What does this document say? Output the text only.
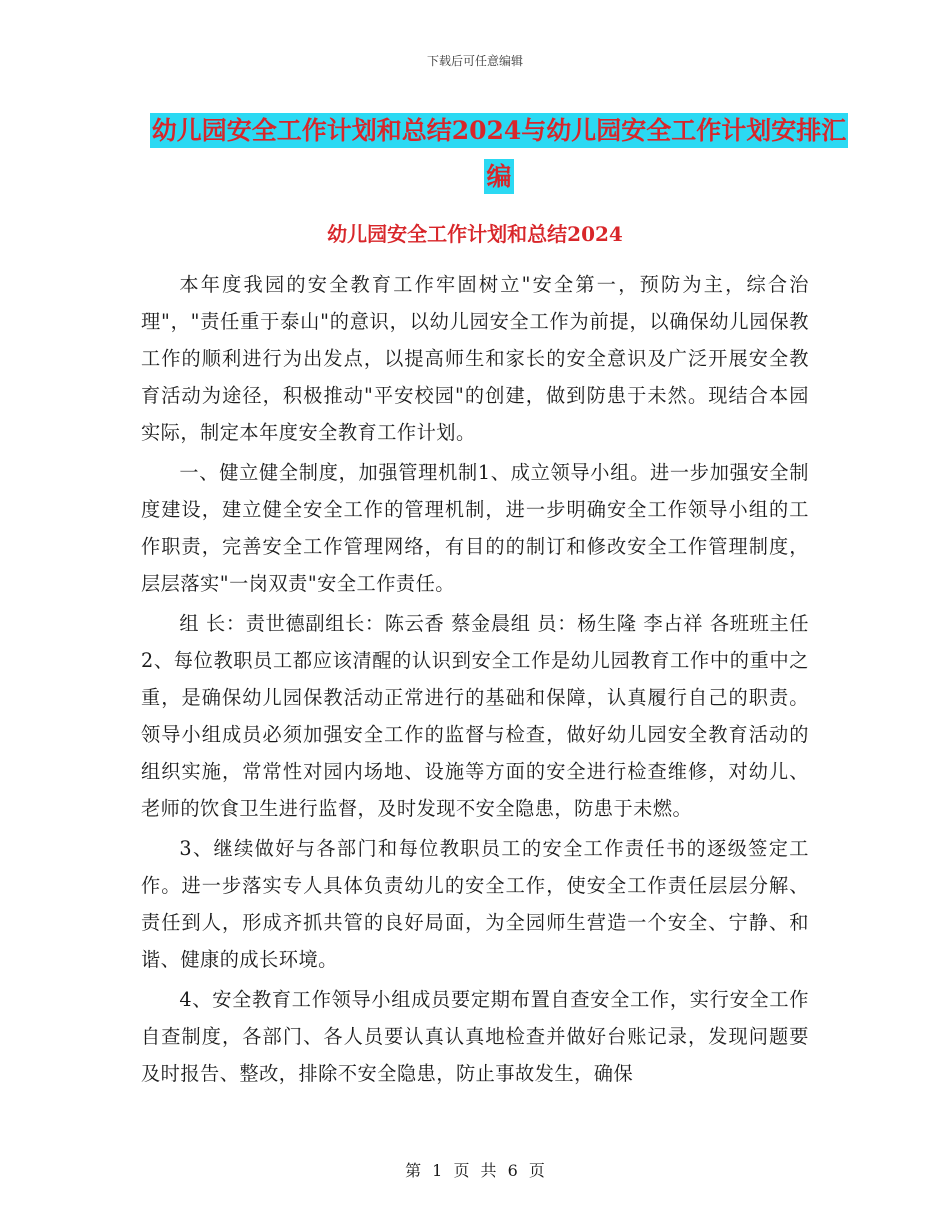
下载后可任意编辑
幼儿园安全工作计划和总结2024与幼儿园安全工作计划安排汇编
幼儿园安全工作计划和总结2024

本年度我园的安全教育工作牢固树立"安全第一，预防为主，综合治理"，"责任重于泰山"的意识，以幼儿园安全工作为前提，以确保幼儿园保教工作的顺利进行为出发点，以提高师生和家长的安全意识及广泛开展安全教育活动为途径，积极推动"平安校园"的创建，做到防患于未然。现结合本园实际，制定本年度安全教育工作计划。

一、健立健全制度，加强管理机制1、成立领导小组。进一步加强安全制度建设，建立健全安全工作的管理机制，进一步明确安全工作领导小组的工作职责，完善安全工作管理网络，有目的的制订和修改安全工作管理制度，层层落实"一岗双责"安全工作责任。

组 长：责世德副组长：陈云香 蔡金晨组 员：杨生隆 李占祥 各班班主任2、每位教职员工都应该清醒的认识到安全工作是幼儿园教育工作中的重中之重，是确保幼儿园保教活动正常进行的基础和保障，认真履行自己的职责。领导小组成员必须加强安全工作的监督与检查，做好幼儿园安全教育活动的组织实施，常常性对园内场地、设施等方面的安全进行检查维修，对幼儿、老师的饮食卫生进行监督，及时发现不安全隐患，防患于未燃。

3、继续做好与各部门和每位教职员工的安全工作责任书的逐级签定工作。进一步落实专人具体负责幼儿的安全工作，使安全工作责任层层分解、责任到人，形成齐抓共管的良好局面，为全园师生营造一个安全、宁静、和谐、健康的成长环境。

4、安全教育工作领导小组成员要定期布置自查安全工作，实行安全工作自查制度，各部门、各人员要认真认真地检查并做好台账记录，发现问题要及时报告、整改，排除不安全隐患，防止事故发生，确保

第 1 页 共 6 页
